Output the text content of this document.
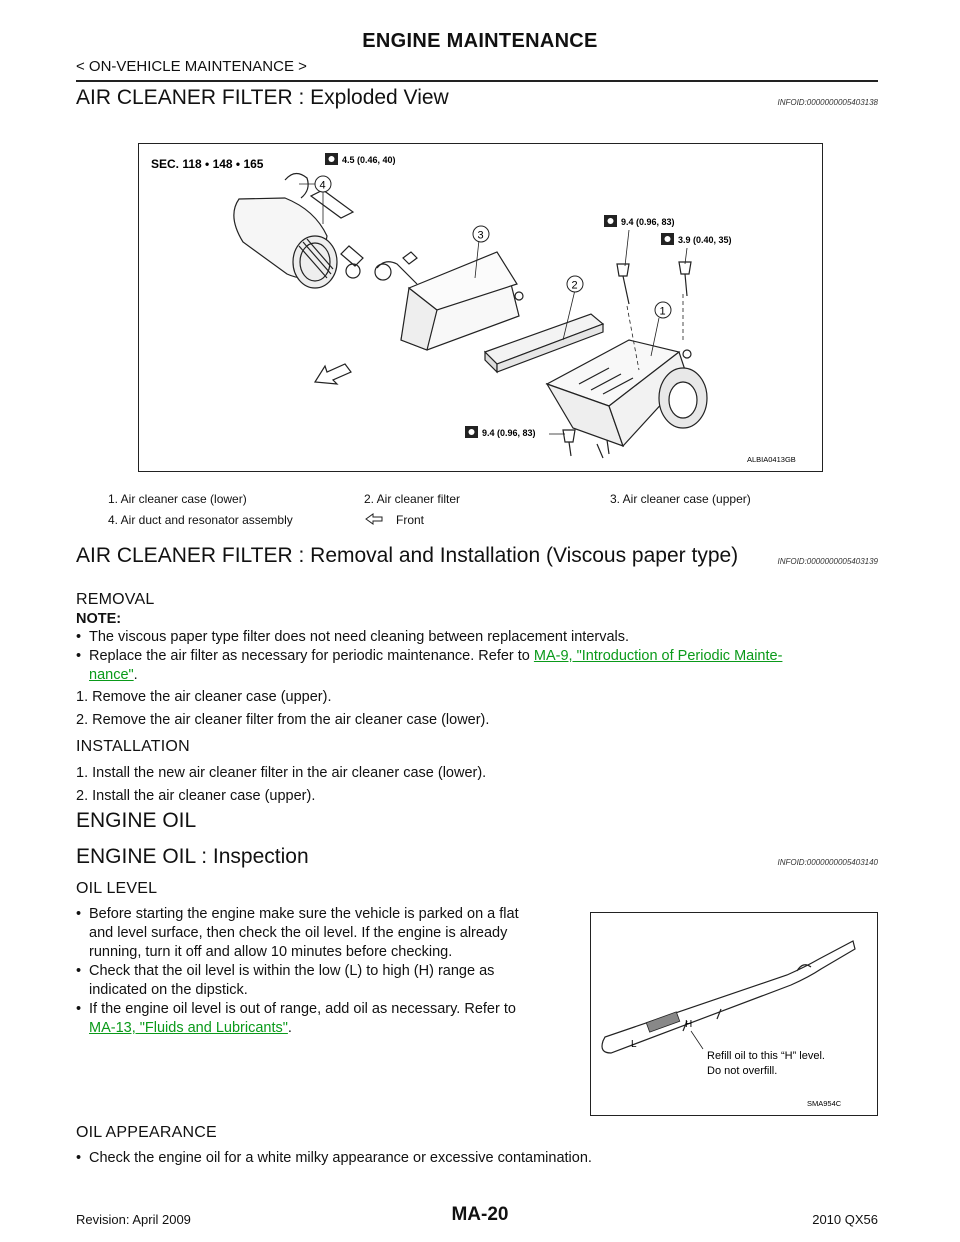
ENGINE MAINTENANCE
< ON-VEHICLE MAINTENANCE >
AIR CLEANER FILTER : Exploded View	INFOID:0000000005403138
SEC. 118 • 148 • 165	4.5 (0.46, 40)
9.4 (0.96, 83)
3.9 (0.40, 35)
9.4 (0.96, 83)
1
2
3
4
ALBIA0413GB
1. Air cleaner case (lower)	2. Air cleaner filter	3. Air cleaner case (upper)
4. Air duct and resonator assembly	Front
AIR CLEANER FILTER : Removal and Installation (Viscous paper type)	INFOID:0000000005403139
REMOVAL
NOTE:
• The viscous paper type filter does not need cleaning between replacement intervals.
• Replace the air filter as necessary for periodic maintenance. Refer to MA-9, "Introduction of Periodic Mainte-
nance".
1. Remove the air cleaner case (upper).
2. Remove the air cleaner filter from the air cleaner case (lower).
INSTALLATION
1. Install the new air cleaner filter in the air cleaner case (lower).
2. Install the air cleaner case (upper).
ENGINE OIL
ENGINE OIL : Inspection	INFOID:0000000005403140
OIL LEVEL
• Before starting the engine make sure the vehicle is parked on a flat
and level surface, then check the oil level. If the engine is already
running, turn it off and allow 10 minutes before checking.
• Check that the oil level is within the low (L) to high (H) range as
indicated on the dipstick.
• If the engine oil level is out of range, add oil as necessary. Refer to
MA-13, "Fluids and Lubricants".
L
H
Refill oil to this “H” level.
Do not overfill.
SMA954C
OIL APPEARANCE
• Check the engine oil for a white milky appearance or excessive contamination.
Revision: April 2009	MA-20	2010 QX56
